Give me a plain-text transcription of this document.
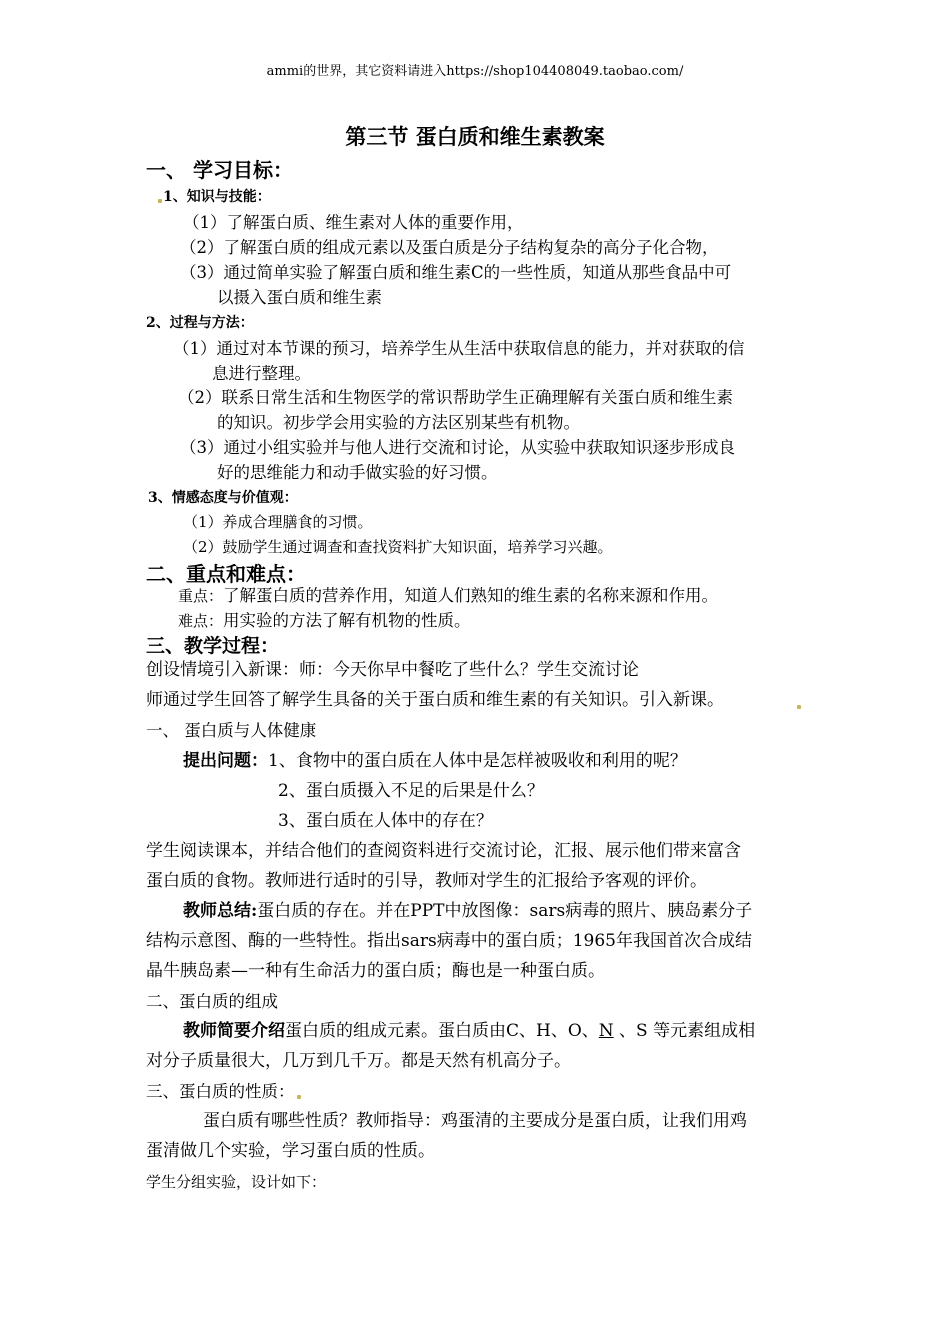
ammi的世界，其它资料请进入https://shop104408049.taobao.com/
第三节 蛋白质和维生素教案
一、 学习目标：
1、知识与技能：
（1）了解蛋白质、维生素对人体的重要作用，
（2）了解蛋白质的组成元素以及蛋白质是分子结构复杂的高分子化合物，
（3）通过简单实验了解蛋白质和维生素C的一些性质，知道从那些食品中可
以摄入蛋白质和维生素
2、过程与方法：
（1）通过对本节课的预习，培养学生从生活中获取信息的能力，并对获取的信
息进行整理。
（2）联系日常生活和生物医学的常识帮助学生正确理解有关蛋白质和维生素
的知识。初步学会用实验的方法区别某些有机物。
（3）通过小组实验并与他人进行交流和讨论，从实验中获取知识逐步形成良
好的思维能力和动手做实验的好习惯。
3、情感态度与价值观：
（1）养成合理膳食的习惯。
（2）鼓励学生通过调查和查找资料扩大知识面，培养学习兴趣。
二、重点和难点：
重点：了解蛋白质的营养作用，知道人们熟知的维生素的名称来源和作用。
难点：用实验的方法了解有机物的性质。
三、教学过程：
创设情境引入新课：师：今天你早中餐吃了些什么？学生交流讨论
师通过学生回答了解学生具备的关于蛋白质和维生素的有关知识。引入新课。
一、 蛋白质与人体健康
提出问题：1、食物中的蛋白质在人体中是怎样被吸收和利用的呢？
2、蛋白质摄入不足的后果是什么？
3、蛋白质在人体中的存在？
学生阅读课本，并结合他们的查阅资料进行交流讨论，汇报、展示他们带来富含
蛋白质的食物。教师进行适时的引导，教师对学生的汇报给予客观的评价。
教师总结:蛋白质的存在。并在PPT中放图像：sars病毒的照片、胰岛素分子
结构示意图、酶的一些特性。指出sars病毒中的蛋白质；1965年我国首次合成结
晶牛胰岛素—一种有生命活力的蛋白质；酶也是一种蛋白质。
二、蛋白质的组成
教师简要介绍蛋白质的组成元素。蛋白质由C、H、O、N 、S 等元素组成相
对分子质量很大，几万到几千万。都是天然有机高分子。
三、蛋白质的性质：
蛋白质有哪些性质？教师指导：鸡蛋清的主要成分是蛋白质，让我们用鸡
蛋清做几个实验，学习蛋白质的性质。
学生分组实验，设计如下：
